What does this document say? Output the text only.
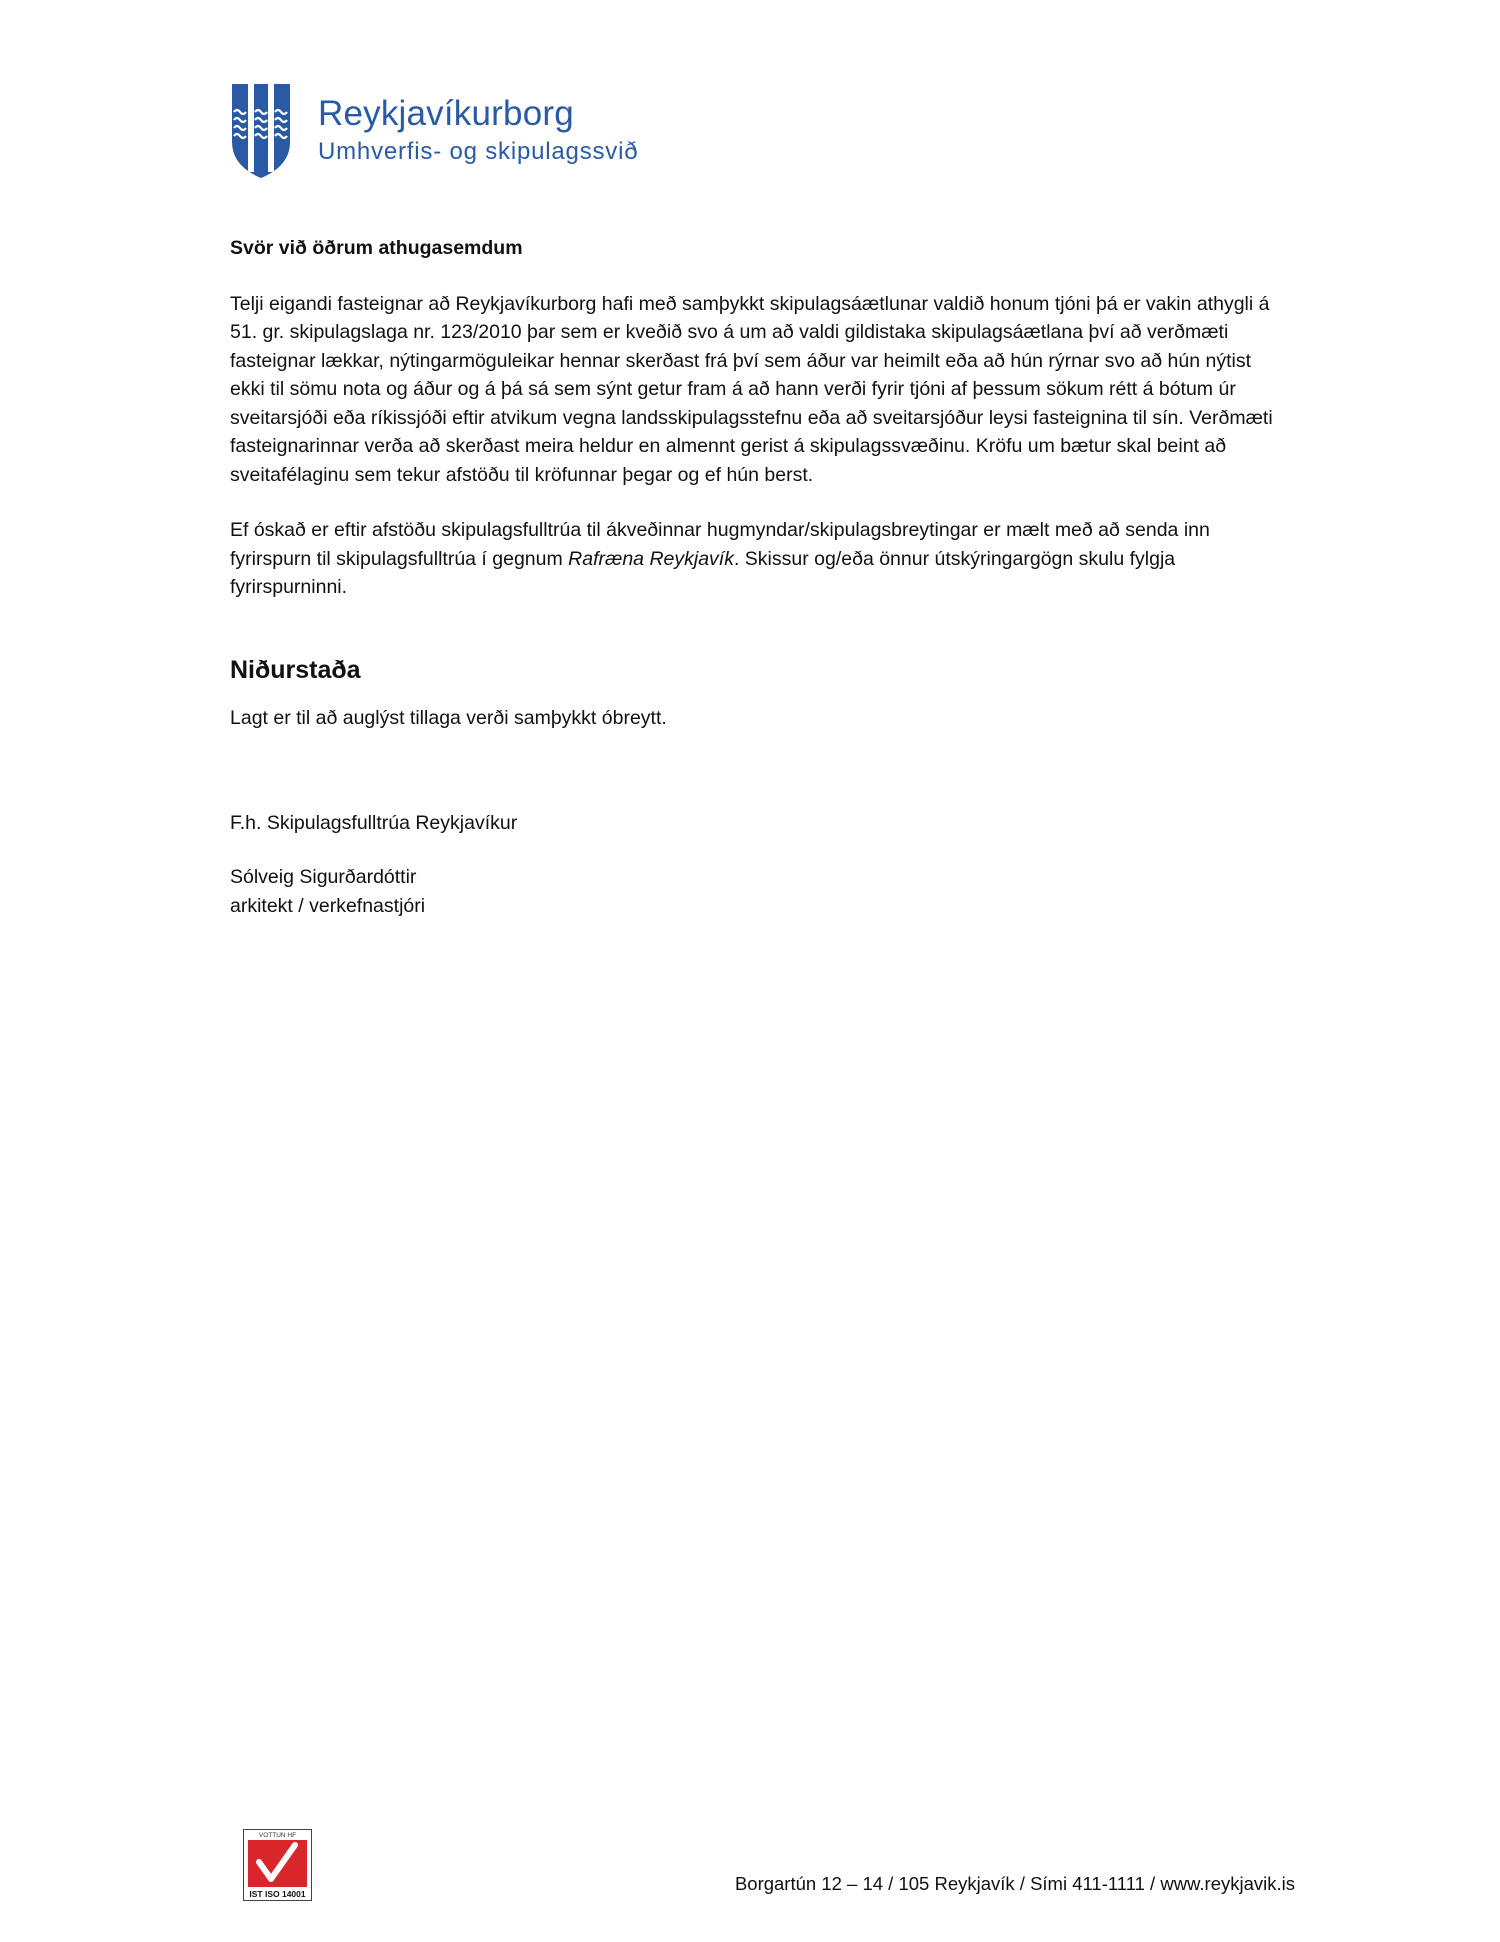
Reykjavíkurborg
Umhverfis- og skipulagssvið

Svör við öðrum athugasemdum

Telji eigandi fasteignar að Reykjavíkurborg hafi með samþykkt skipulagsáætlunar valdið honum tjóni þá er vakin athygli á 51. gr. skipulagslaga nr. 123/2010 þar sem er kveðið svo á um að valdi gildistaka skipulagsáætlana því að verðmæti fasteignar lækkar, nýtingarmöguleikar hennar skerðast frá því sem áður var heimilt eða að hún rýrnar svo að hún nýtist ekki til sömu nota og áður og á þá sá sem sýnt getur fram á að hann verði fyrir tjóni af þessum sökum rétt á bótum úr sveitarsjóði eða ríkissjóði eftir atvikum vegna landsskipulagsstefnu eða að sveitarsjóður leysi fasteignina til sín. Verðmæti fasteignarinnar verða að skerðast meira heldur en almennt gerist á skipulagssvæðinu. Kröfu um bætur skal beint að sveitafélaginu sem tekur afstöðu til kröfunnar þegar og ef hún berst.

Ef óskað er eftir afstöðu skipulagsfulltrúa til ákveðinnar hugmyndar/skipulagsbreytingar er mælt með að senda inn fyrirspurn til skipulagsfulltrúa í gegnum Rafræna Reykjavík. Skissur og/eða önnur útskýringargögn skulu fylgja fyrirspurninni.

Niðurstaða

Lagt er til að auglýst tillaga verði samþykkt óbreytt.

F.h. Skipulagsfulltrúa Reykjavíkur

Sólveig Sigurðardóttir
arkitekt / verkefnastjóri

VOTTUN HF
IST ISO 14001	Borgartún 12 – 14 / 105 Reykjavík / Sími 411-1111 / www.reykjavik.is
